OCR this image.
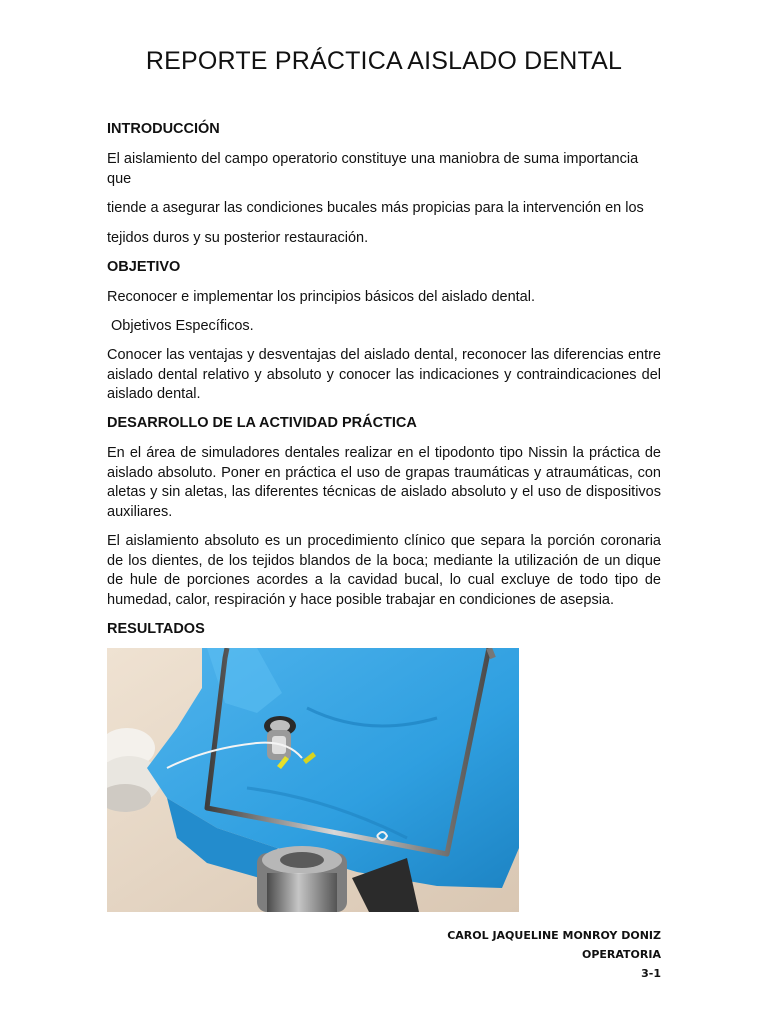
REPORTE PRÁCTICA AISLADO DENTAL
INTRODUCCIÓN
El aislamiento del campo operatorio constituye una maniobra de suma importancia
que
tiende a asegurar las condiciones bucales más propicias para la intervención en los
tejidos duros y su posterior restauración.
OBJETIVO
Reconocer e implementar los principios básicos del aislado dental.
Objetivos Específicos.
Conocer las ventajas y desventajas del aislado dental, reconocer las diferencias entre aislado dental relativo y absoluto y conocer las indicaciones y contraindicaciones del aislado dental.
DESARROLLO DE LA ACTIVIDAD PRÁCTICA
En el área de simuladores dentales realizar en el tipodonto tipo Nissin la práctica de aislado absoluto. Poner en práctica el uso de grapas traumáticas y atraumáticas, con aletas y sin aletas, las diferentes técnicas de aislado absoluto y el uso de dispositivos auxiliares.
El aislamiento absoluto es un procedimiento clínico que separa la porción coronaria de los dientes, de los tejidos blandos de la boca; mediante la utilización de un dique de hule de porciones acordes a la cavidad bucal, lo cual excluye de todo tipo de humedad, calor, respiración y hace posible trabajar en condiciones de asepsia.
RESULTADOS
CAROL JAQUELINE MONROY DONIZ
OPERATORIA
3-1
